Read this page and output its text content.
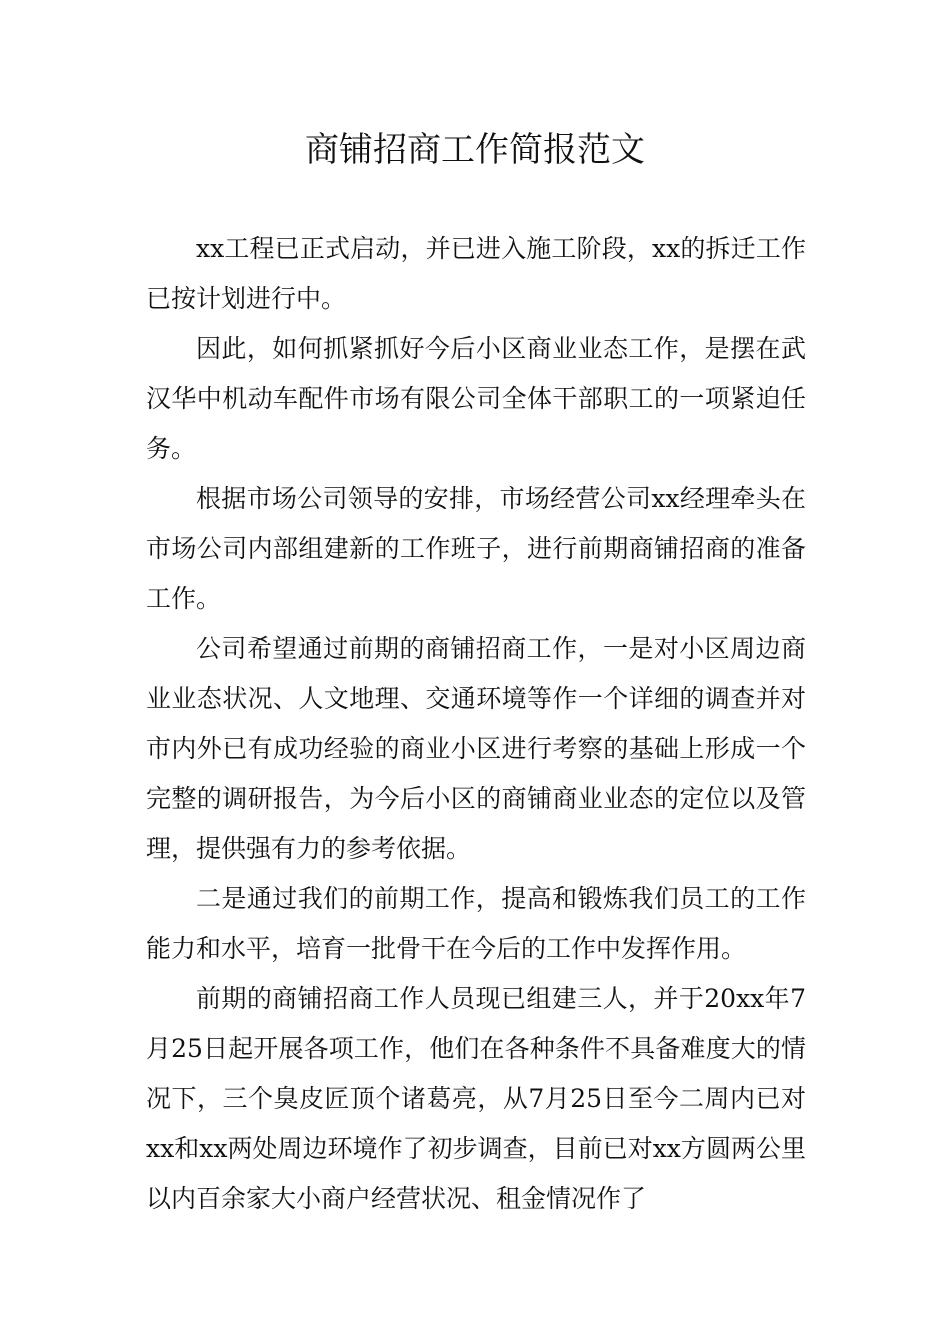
商铺招商工作简报范文

xx工程已正式启动，并已进入施工阶段，xx的拆迁工作已按计划进行中。

因此，如何抓紧抓好今后小区商业业态工作，是摆在武汉华中机动车配件市场有限公司全体干部职工的一项紧迫任务。

根据市场公司领导的安排，市场经营公司xx经理牵头在市场公司内部组建新的工作班子，进行前期商铺招商的准备工作。

公司希望通过前期的商铺招商工作，一是对小区周边商业业态状况、人文地理、交通环境等作一个详细的调查并对市内外已有成功经验的商业小区进行考察的基础上形成一个完整的调研报告，为今后小区的商铺商业业态的定位以及管理，提供强有力的参考依据。

二是通过我们的前期工作，提高和锻炼我们员工的工作能力和水平，培育一批骨干在今后的工作中发挥作用。

前期的商铺招商工作人员现已组建三人，并于20xx年7月25日起开展各项工作，他们在各种条件不具备难度大的情况下，三个臭皮匠顶个诸葛亮，从7月25日至今二周内已对xx和xx两处周边环境作了初步调查，目前已对xx方圆两公里以内百余家大小商户经营状况、租金情况作了
